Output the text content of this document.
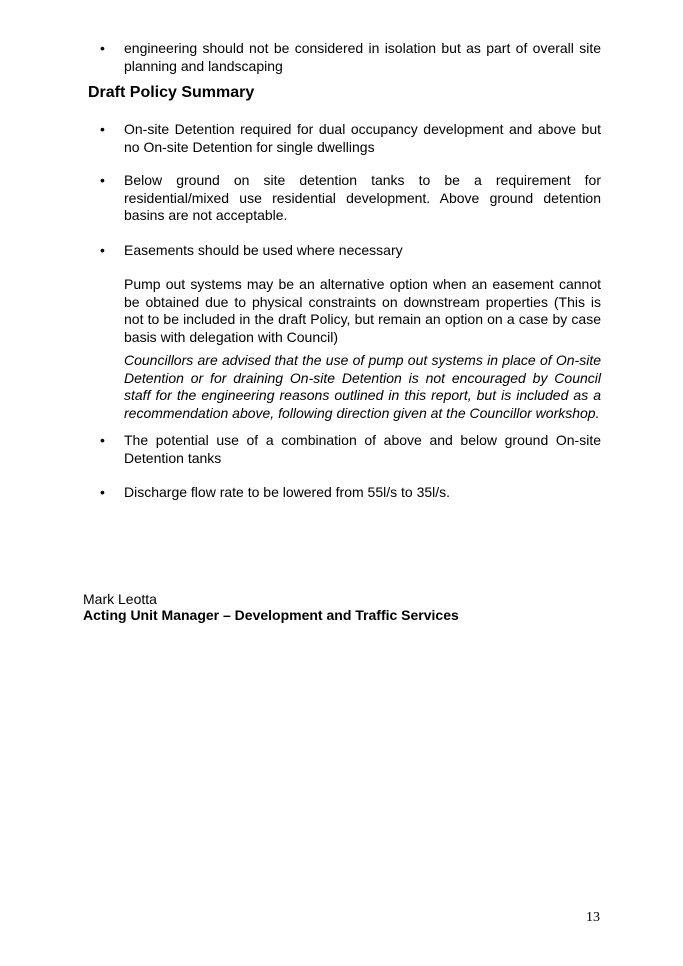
•	engineering should not be considered in isolation but as part of overall site planning and landscaping
Draft Policy Summary
•	On-site Detention required for dual occupancy development and above but no On-site Detention for single dwellings
•	Below ground on site detention tanks to be a requirement for residential/mixed use residential development. Above ground detention basins are not acceptable.
•	Easements should be used where necessary
Pump out systems may be an alternative option when an easement cannot be obtained due to physical constraints on downstream properties (This is not to be included in the draft Policy, but remain an option on a case by case basis with delegation with Council)
Councillors are advised that the use of pump out systems in place of On-site Detention or for draining On-site Detention is not encouraged by Council staff for the engineering reasons outlined in this report, but is included as a recommendation above, following direction given at the Councillor workshop.
•	The potential use of a combination of above and below ground On-site Detention tanks
•	Discharge flow rate to be lowered from 55l/s to 35l/s.
Mark Leotta
Acting Unit Manager – Development and Traffic Services
13
